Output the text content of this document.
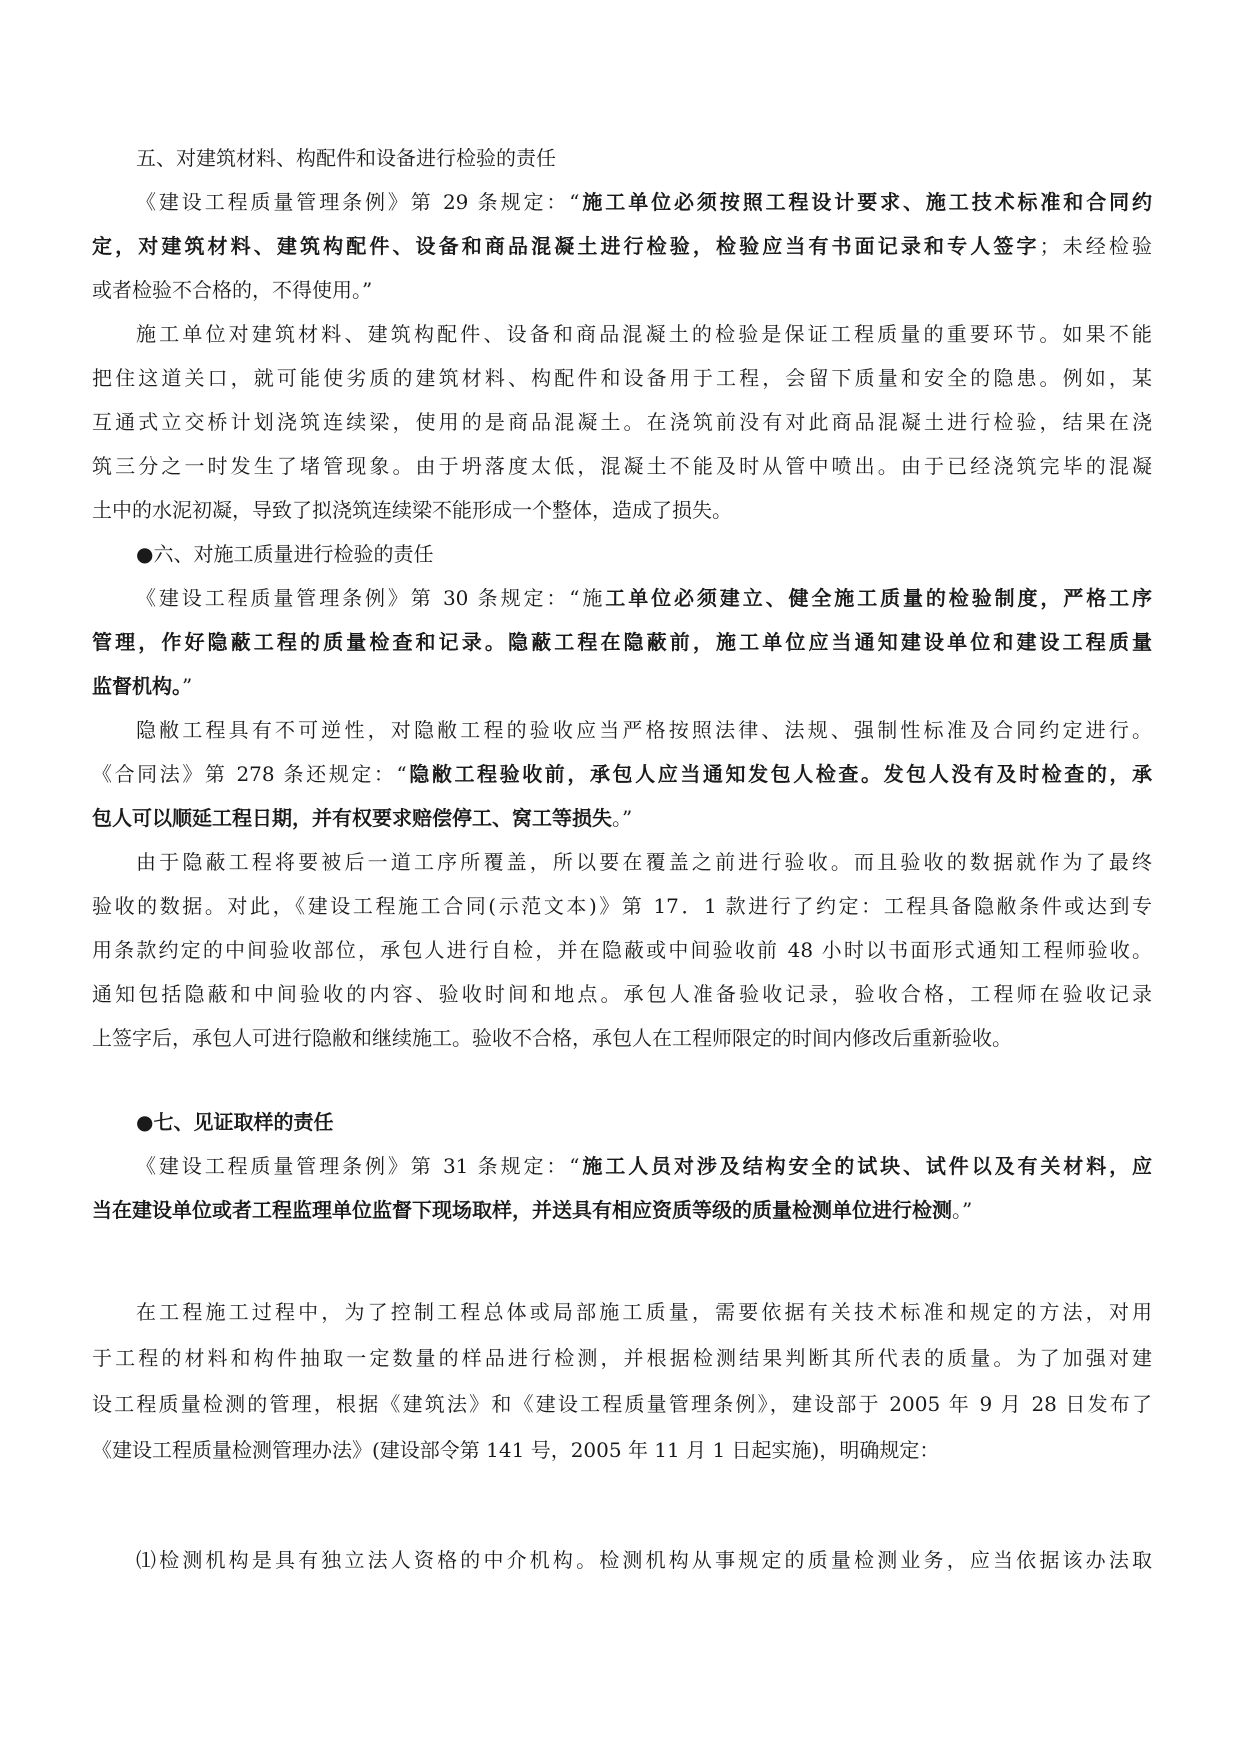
五、对建筑材料、构配件和设备进行检验的责任
《建设工程质量管理条例》第 29 条规定：“施工单位必须按照工程设计要求、施工技术标准和合同约
定，对建筑材料、建筑构配件、设备和商品混凝土进行检验，检验应当有书面记录和专人签字；未经检验
或者检验不合格的，不得使用。”
施工单位对建筑材料、建筑构配件、设备和商品混凝土的检验是保证工程质量的重要环节。如果不能
把住这道关口，就可能使劣质的建筑材料、构配件和设备用于工程，会留下质量和安全的隐患。例如，某
互通式立交桥计划浇筑连续梁，使用的是商品混凝土。在浇筑前没有对此商品混凝土进行检验，结果在浇
筑三分之一时发生了堵管现象。由于坍落度太低，混凝土不能及时从管中喷出。由于已经浇筑完毕的混凝
土中的水泥初凝，导致了拟浇筑连续梁不能形成一个整体，造成了损失。
●六、对施工质量进行检验的责任
《建设工程质量管理条例》第 30 条规定：“施工单位必须建立、健全施工质量的检验制度，严格工序
管理，作好隐蔽工程的质量检查和记录。隐蔽工程在隐蔽前，施工单位应当通知建设单位和建设工程质量
监督机构。”
隐敝工程具有不可逆性，对隐敝工程的验收应当严格按照法律、法规、强制性标准及合同约定进行。
《合同法》第 278 条还规定：“隐敝工程验收前，承包人应当通知发包人检查。发包人没有及时检查的，承
包人可以顺延工程日期，并有权要求赔偿停工、窝工等损失。”
由于隐蔽工程将要被后一道工序所覆盖，所以要在覆盖之前进行验收。而且验收的数据就作为了最终
验收的数据。对此，《建设工程施工合同(示范文本)》第 17．1 款进行了约定：工程具备隐敝条件或达到专
用条款约定的中间验收部位，承包人进行自检，并在隐蔽或中间验收前 48 小时以书面形式通知工程师验收。
通知包括隐蔽和中间验收的内容、验收时间和地点。承包人准备验收记录，验收合格，工程师在验收记录
上签字后，承包人可进行隐敝和继续施工。验收不合格，承包人在工程师限定的时间内修改后重新验收。
●七、见证取样的责任
《建设工程质量管理条例》第 31 条规定：“施工人员对涉及结构安全的试块、试件以及有关材料，应
当在建设单位或者工程监理单位监督下现场取样，并送具有相应资质等级的质量检测单位进行检测。”
在工程施工过程中，为了控制工程总体或局部施工质量，需要依据有关技术标准和规定的方法，对用
于工程的材料和构件抽取一定数量的样品进行检测，并根据检测结果判断其所代表的质量。为了加强对建
设工程质量检测的管理，根据《建筑法》和《建设工程质量管理条例》，建设部于 2005 年 9 月 28 日发布了
《建设工程质量检测管理办法》(建设部令第 141 号，2005 年 11 月 1 日起实施)，明确规定：
⑴检测机构是具有独立法人资格的中介机构。检测机构从事规定的质量检测业务，应当依据该办法取
